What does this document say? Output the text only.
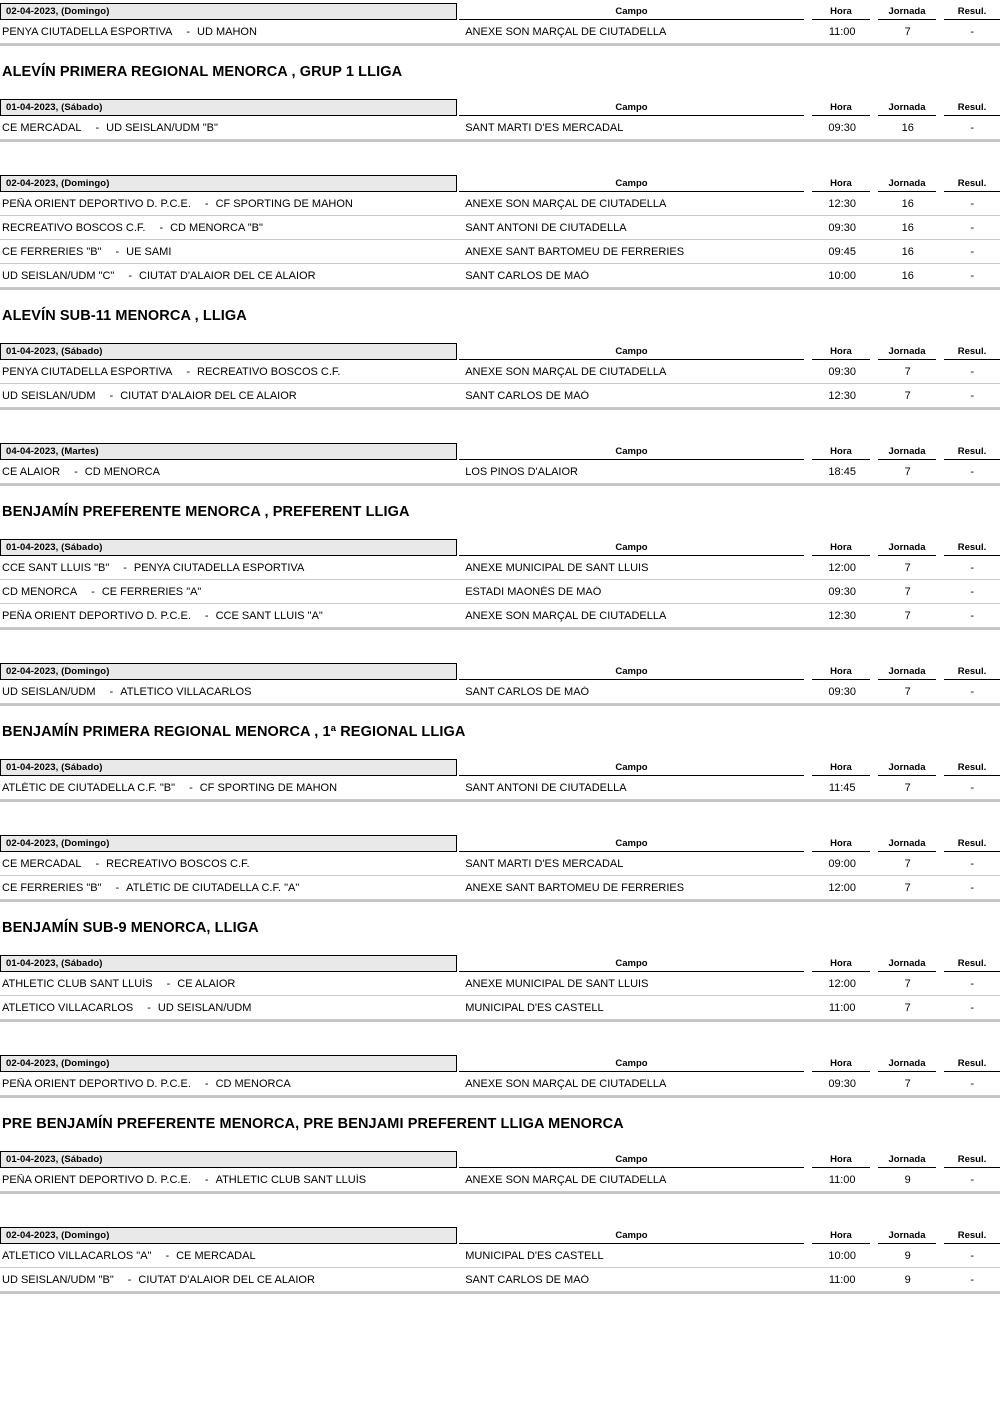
02-04-2023, (Domingo)	Campo	Hora	Jornada	Resul.
PENYA CIUTADELLA ESPORTIVA	- UD MAHON	ANEXE SON MARÇAL DE CIUTADELLA	11:00	7	-
ALEVÍN PRIMERA REGIONAL MENORCA , GRUP 1 LLIGA
01-04-2023, (Sábado)	Campo	Hora	Jornada	Resul.
CE MERCADAL	- UD SEISLAN/UDM "B"	SANT MARTI D'ES MERCADAL	09:30	16	-
02-04-2023, (Domingo)	Campo	Hora	Jornada	Resul.
PEÑA ORIENT DEPORTIVO D. P.C.E.	- CF SPORTING DE MAHON	ANEXE SON MARÇAL DE CIUTADELLA	12:30	16	-
RECREATIVO BOSCOS C.F.	- CD MENORCA "B"	SANT ANTONI DE CIUTADELLA	09:30	16	-
CE FERRERIES "B"	- UE SAMI	ANEXE SANT BARTOMEU DE FERRERIES	09:45	16	-
UD SEISLAN/UDM "C"	- CIUTAT D'ALAIOR DEL CE ALAIOR	SANT CARLOS DE MAÓ	10:00	16	-
ALEVÍN SUB-11 MENORCA , LLIGA
01-04-2023, (Sábado)	Campo	Hora	Jornada	Resul.
PENYA CIUTADELLA ESPORTIVA	- RECREATIVO BOSCOS C.F.	ANEXE SON MARÇAL DE CIUTADELLA	09:30	7	-
UD SEISLAN/UDM	- CIUTAT D'ALAIOR DEL CE ALAIOR	SANT CARLOS DE MAÓ	12:30	7	-
04-04-2023, (Martes)	Campo	Hora	Jornada	Resul.
CE ALAIOR	- CD MENORCA	LOS PINOS D'ALAIOR	18:45	7	-
BENJAMÍN PREFERENTE MENORCA , PREFERENT LLIGA
01-04-2023, (Sábado)	Campo	Hora	Jornada	Resul.
CCE SANT LLUIS "B"	- PENYA CIUTADELLA ESPORTIVA	ANEXE MUNICIPAL DE SANT LLUIS	12:00	7	-
CD MENORCA	- CE FERRERIES "A"	ESTADI MAONÉS DE MAÓ	09:30	7	-
PEÑA ORIENT DEPORTIVO D. P.C.E.	- CCE SANT LLUIS "A"	ANEXE SON MARÇAL DE CIUTADELLA	12:30	7	-
02-04-2023, (Domingo)	Campo	Hora	Jornada	Resul.
UD SEISLAN/UDM	- ATLETICO VILLACARLOS	SANT CARLOS DE MAÓ	09:30	7	-
BENJAMÍN PRIMERA REGIONAL MENORCA , 1ª REGIONAL LLIGA
01-04-2023, (Sábado)	Campo	Hora	Jornada	Resul.
ATLÉTIC DE CIUTADELLA C.F. "B"	- CF SPORTING DE MAHON	SANT ANTONI DE CIUTADELLA	11:45	7	-
02-04-2023, (Domingo)	Campo	Hora	Jornada	Resul.
CE MERCADAL	- RECREATIVO BOSCOS C.F.	SANT MARTI D'ES MERCADAL	09:00	7	-
CE FERRERIES "B"	- ATLÉTIC DE CIUTADELLA C.F. "A"	ANEXE SANT BARTOMEU DE FERRERIES	12:00	7	-
BENJAMÍN SUB-9 MENORCA, LLIGA
01-04-2023, (Sábado)	Campo	Hora	Jornada	Resul.
ATHLETIC CLUB SANT LLUÍS	- CE ALAIOR	ANEXE MUNICIPAL DE SANT LLUIS	12:00	7	-
ATLETICO VILLACARLOS	- UD SEISLAN/UDM	MUNICIPAL D'ES CASTELL	11:00	7	-
02-04-2023, (Domingo)	Campo	Hora	Jornada	Resul.
PEÑA ORIENT DEPORTIVO D. P.C.E.	- CD MENORCA	ANEXE SON MARÇAL DE CIUTADELLA	09:30	7	-
PRE BENJAMÍN PREFERENTE MENORCA, PRE BENJAMI PREFERENT LLIGA MENORCA
01-04-2023, (Sábado)	Campo	Hora	Jornada	Resul.
PEÑA ORIENT DEPORTIVO D. P.C.E.	- ATHLETIC CLUB SANT LLUÍS	ANEXE SON MARÇAL DE CIUTADELLA	11:00	9	-
02-04-2023, (Domingo)	Campo	Hora	Jornada	Resul.
ATLETICO VILLACARLOS "A"	- CE MERCADAL	MUNICIPAL D'ES CASTELL	10:00	9	-
UD SEISLAN/UDM "B"	- CIUTAT D'ALAIOR DEL CE ALAIOR	SANT CARLOS DE MAÓ	11:00	9	-
